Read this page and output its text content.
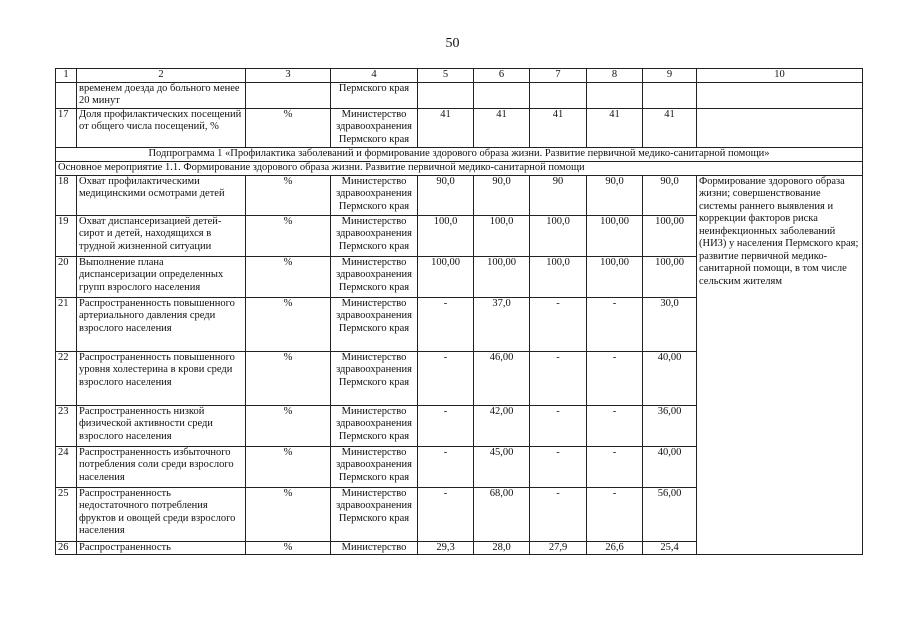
50
1	2	3	4	5	6	7	8	9	10
	временем доезда до больного менее 20 минут		Пермского края						
17	Доля профилактических посещений от общего числа посещений, %	%	Министерство здравоохранения Пермского края	41	41	41	41	41	
Подпрограмма 1 «Профилактика заболеваний и формирование здорового образа жизни. Развитие первичной медико-санитарной помощи»									
Основное мероприятие 1.1. Формирование здорового образа жизни. Развитие первичной медико-санитарной помощи									
18	Охват профилактическими медицинскими осмотрами детей	%	Министерство здравоохранения Пермского края	90,0	90,0	90	90,0	90,0	Формирование здорового образа жизни; совершенствование системы раннего выявления и коррекции факторов риска неинфекционных заболеваний (НИЗ) у населения Пермского края; развитие первичной медико-санитарной помощи, в том числе сельским жителям
19	Охват диспансеризацией детей-сирот и детей, находящихся в трудной жизненной ситуации	%	Министерство здравоохранения Пермского края	100,0	100,0	100,0	100,00	100,00	
20	Выполнение плана диспансеризации определенных групп взрослого населения	%	Министерство здравоохранения Пермского края	100,00	100,00	100,0	100,00	100,00	
21	Распространенность повышенного артериального давления среди взрослого населения	%	Министерство здравоохранения Пермского края	-	37,0	-	-	30,0	
22	Распространенность повышенного уровня холестерина в крови среди взрослого населения	%	Министерство здравоохранения Пермского края	-	46,00	-	-	40,00	
23	Распространенность низкой физической активности среди взрослого населения	%	Министерство здравоохранения Пермского края	-	42,00	-	-	36,00	
24	Распространенность избыточного потребления соли среди взрослого населения	%	Министерство здравоохранения Пермского края	-	45,00	-	-	40,00	
25	Распространенность недостаточного потребления фруктов и овощей среди взрослого населения	%	Министерство здравоохранения Пермского края	-	68,00	-	-	56,00	
26	Распространенность	%	Министерство	29,3	28,0	27,9	26,6	25,4	
